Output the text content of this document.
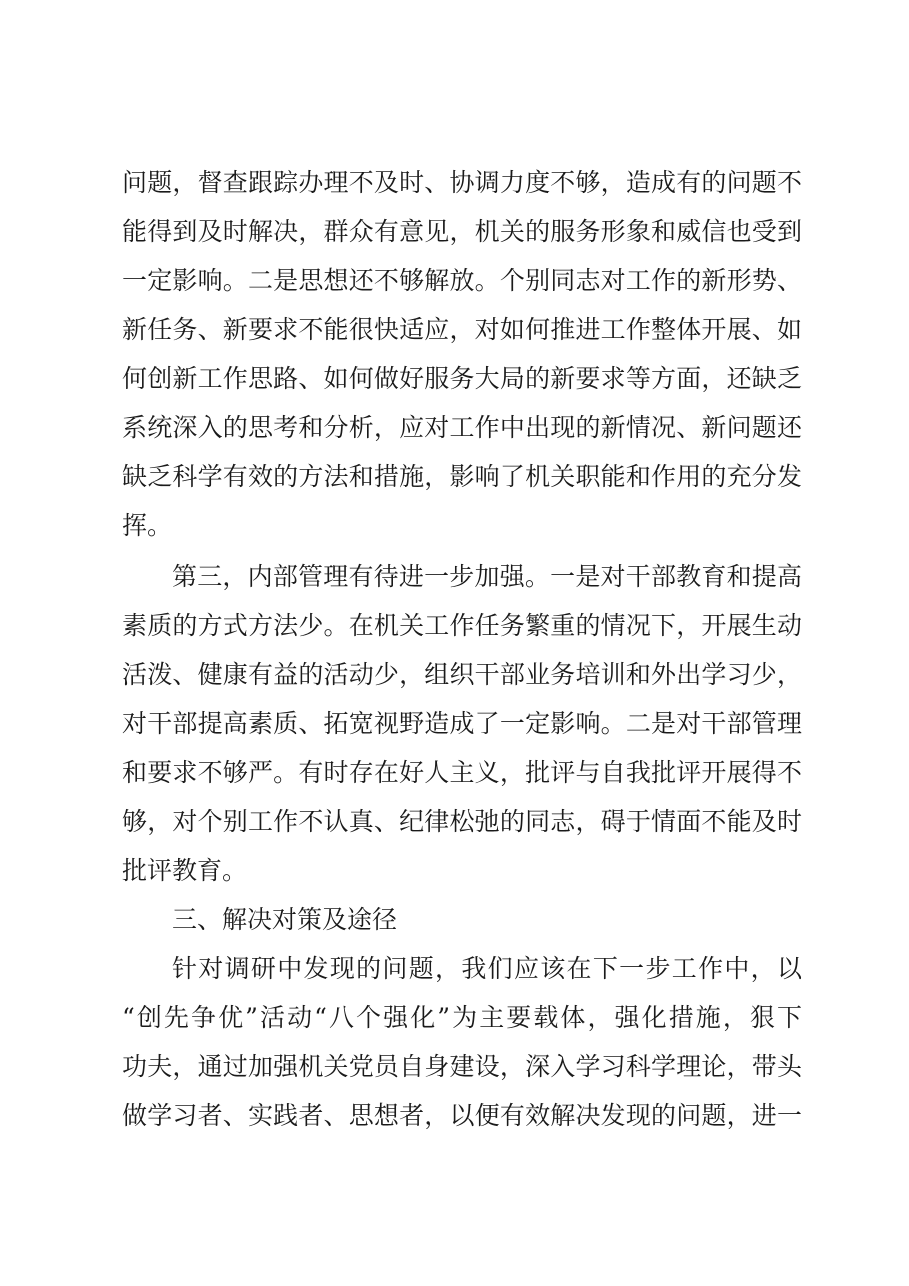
问题，督查跟踪办理不及时、协调力度不够，造成有的问题不

能得到及时解决，群众有意见，机关的服务形象和威信也受到

一定影响。二是思想还不够解放。个别同志对工作的新形势、

新任务、新要求不能很快适应，对如何推进工作整体开展、如

何创新工作思路、如何做好服务大局的新要求等方面，还缺乏

系统深入的思考和分析，应对工作中出现的新情况、新问题还

缺乏科学有效的方法和措施，影响了机关职能和作用的充分发

挥。

第三，内部管理有待进一步加强。一是对干部教育和提高

素质的方式方法少。在机关工作任务繁重的情况下，开展生动

活泼、健康有益的活动少，组织干部业务培训和外出学习少，

对干部提高素质、拓宽视野造成了一定影响。二是对干部管理

和要求不够严。有时存在好人主义，批评与自我批评开展得不

够，对个别工作不认真、纪律松弛的同志，碍于情面不能及时

批评教育。

三、解决对策及途径

针对调研中发现的问题，我们应该在下一步工作中，以

“创先争优”活动“八个强化”为主要载体，强化措施，狠下

功夫，通过加强机关党员自身建设，深入学习科学理论，带头

做学习者、实践者、思想者，以便有效解决发现的问题，进一
